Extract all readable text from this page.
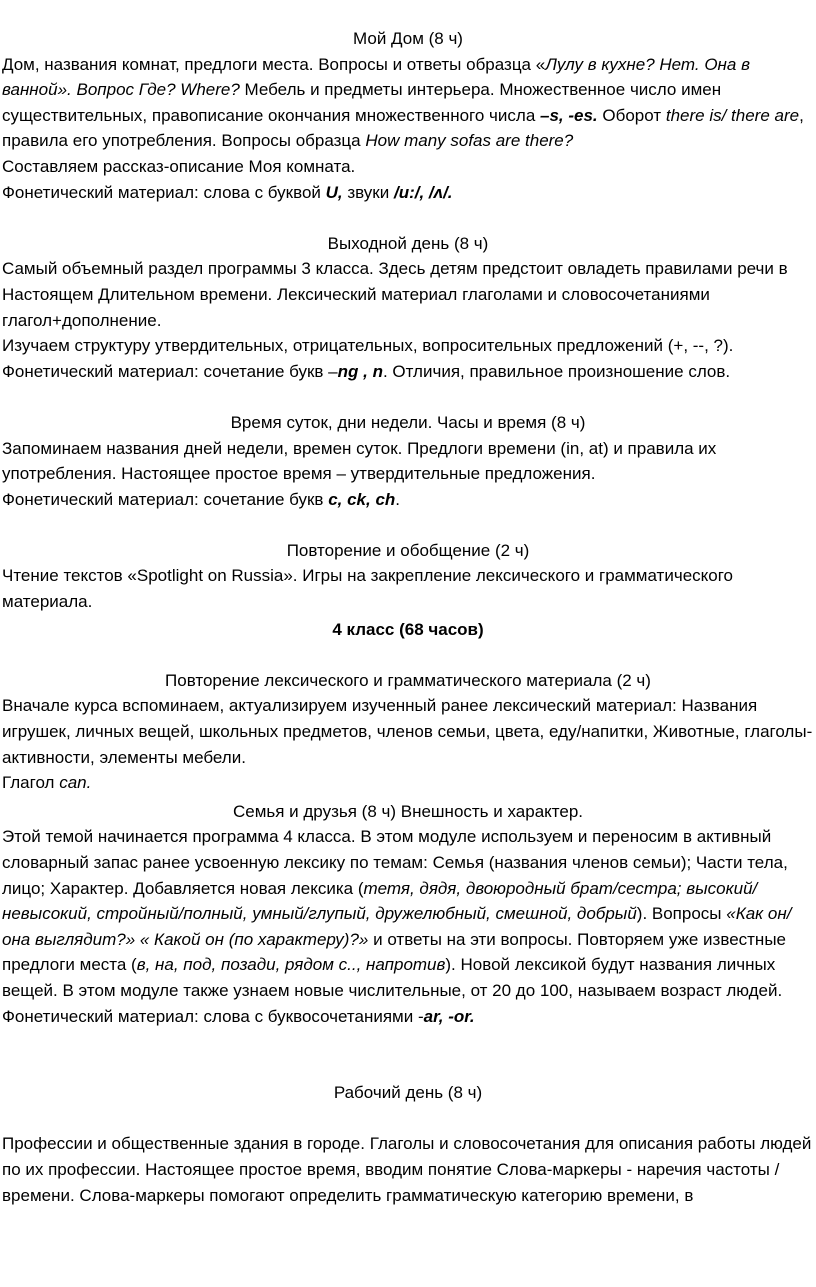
Мой Дом (8 ч)

Дом, названия комнат, предлоги места. Вопросы и ответы образца «Лулу в кухне? Нет. Она в ванной». Вопрос Где? Where? Мебель и предметы интерьера. Множественное число имен существительных, правописание окончания множественного числа –s, -es. Оборот there is/ there are, правила его употребления. Вопросы образца How many sofas are there?

Составляем рассказ-описание Моя комната.

Фонетический материал: слова с буквой U, звуки /u:/, /ʌ/.

Выходной день (8 ч)

Самый объемный раздел программы 3 класса. Здесь детям предстоит овладеть правилами речи в Настоящем Длительном времени. Лексический материал глаголами и словосочетаниями глагол+дополнение.

Изучаем структуру утвердительных, отрицательных, вопросительных предложений (+, --, ?).

Фонетический материал: сочетание букв –ng , n. Отличия, правильное произношение слов.

Время суток, дни недели. Часы и время (8 ч)

Запоминаем названия дней недели, времен суток. Предлоги времени (in, at) и правила их употребления. Настоящее простое время – утвердительные предложения.

Фонетический материал: сочетание букв c, ck, ch.

Повторение и обобщение (2 ч)

Чтение текстов «Spotlight on Russia». Игры на закрепление лексического и грамматического материала.

4 класс (68 часов)

Повторение лексического и грамматического материала (2 ч)

Вначале курса вспоминаем, актуализируем изученный ранее лексический материал: Названия игрушек, личных вещей, школьных предметов, членов семьи, цвета, еду/напитки, Животные, глаголы-активности, элементы мебели.

Глагол can.

Семья и друзья (8 ч) Внешность и характер.

Этой темой начинается программа 4 класса. В этом модуле используем и переносим в активный словарный запас ранее усвоенную лексику по темам: Семья (названия членов семьи); Части тела, лицо; Характер. Добавляется новая лексика (тетя, дядя, двоюродный брат/сестра; высокий/невысокий, стройный/полный, умный/глупый, дружелюбный, смешной, добрый). Вопросы «Как он/она выглядит?» « Какой он (по характеру)?» и ответы на эти вопросы. Повторяем уже известные предлоги места (в, на, под, позади, рядом с.., напротив). Новой лексикой будут названия личных вещей. В этом модуле также узнаем новые числительные, от 20 до 100, называем возраст людей.

Фонетический материал: слова с буквосочетаниями -ar, -or.

Рабочий день (8 ч)

Профессии и общественные здания в городе. Глаголы и словосочетания для описания работы людей по их профессии. Настоящее простое время, вводим понятие Слова-маркеры - наречия частоты /времени. Слова-маркеры помогают определить грамматическую категорию времени, в
